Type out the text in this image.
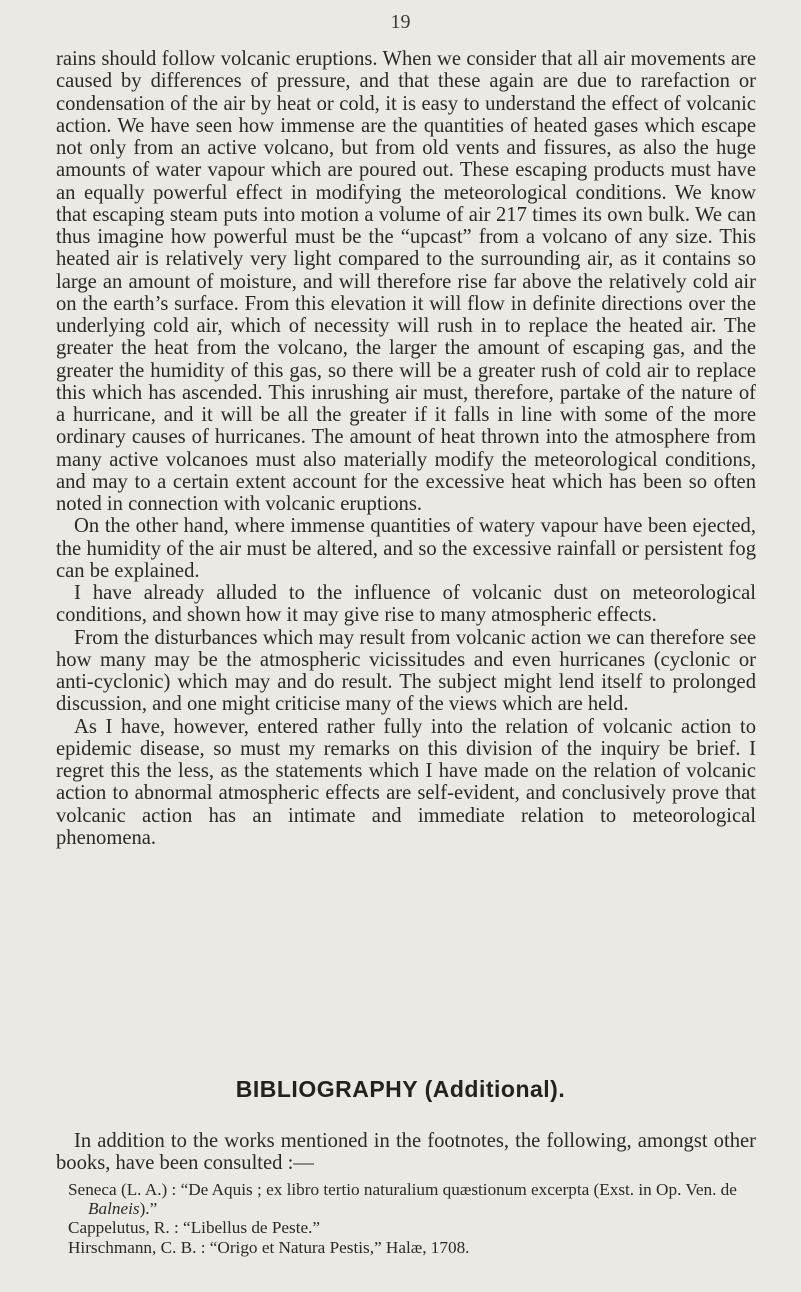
19

rains should follow volcanic eruptions. When we consider that all air movements are caused by differences of pressure, and that these again are due to rarefaction or condensation of the air by heat or cold, it is easy to understand the effect of volcanic action. We have seen how immense are the quantities of heated gases which escape not only from an active volcano, but from old vents and fissures, as also the huge amounts of water vapour which are poured out. These escaping products must have an equally powerful effect in modifying the meteorological conditions. We know that escaping steam puts into motion a volume of air 217 times its own bulk. We can thus imagine how powerful must be the “upcast” from a volcano of any size. This heated air is relatively very light compared to the surrounding air, as it contains so large an amount of moisture, and will therefore rise far above the relatively cold air on the earth’s surface. From this elevation it will flow in definite directions over the underlying cold air, which of necessity will rush in to replace the heated air. The greater the heat from the volcano, the larger the amount of escaping gas, and the greater the humidity of this gas, so there will be a greater rush of cold air to replace this which has ascended. This inrushing air must, therefore, partake of the nature of a hurricane, and it will be all the greater if it falls in line with some of the more ordinary causes of hurricanes. The amount of heat thrown into the atmosphere from many active volcanoes must also materially modify the meteorological conditions, and may to a certain extent account for the excessive heat which has been so often noted in connection with volcanic eruptions.

On the other hand, where immense quantities of watery vapour have been ejected, the humidity of the air must be altered, and so the excessive rainfall or persistent fog can be explained.

I have already alluded to the influence of volcanic dust on meteorological conditions, and shown how it may give rise to many atmospheric effects.

From the disturbances which may result from volcanic action we can therefore see how many may be the atmospheric vicissitudes and even hurricanes (cyclonic or anti-cyclonic) which may and do result. The subject might lend itself to prolonged discussion, and one might criticise many of the views which are held.

As I have, however, entered rather fully into the relation of volcanic action to epidemic disease, so must my remarks on this division of the inquiry be brief. I regret this the less, as the statements which I have made on the relation of volcanic action to abnormal atmospheric effects are self-evident, and conclusively prove that volcanic action has an intimate and immediate relation to meteorological phenomena.

BIBLIOGRAPHY (Additional).

In addition to the works mentioned in the footnotes, the following, amongst other books, have been consulted :—

Seneca (L. A.) : “De Aquis ; ex libro tertio naturalium quæstionum excerpta (Exst. in Op. Ven. de Balneis).”
Cappelutus, R. : “Libellus de Peste.”
Hirschmann, C. B. : “Origo et Natura Pestis,” Halæ, 1708.
